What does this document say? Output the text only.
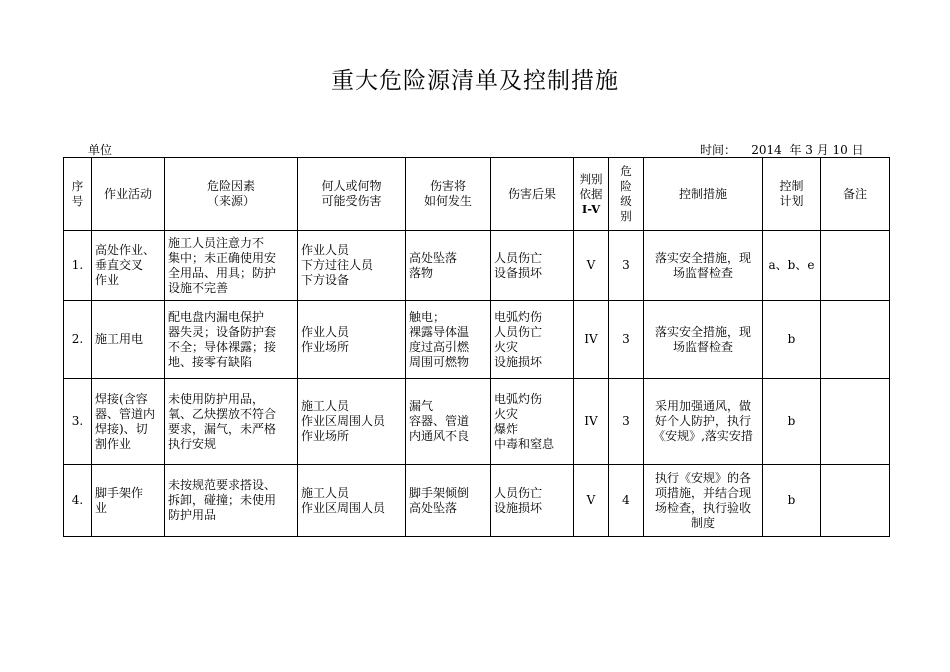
重大危险源清单及控制措施
单位	时间： 2014  年 3 月 10 日
序
号	作业活动	危险因素
（来源）	何人或何物
可能受伤害	伤害将
如何发生	伤害后果	判别
依据
I-V	危
险
级
别	控制措施	控制
计划	备注
1.	高处作业、
垂直交叉
作业	施工人员注意力不
集中；未正确使用安
全用品、用具；防护
设施不完善	作业人员
下方过往人员
下方设备	高处坠落
落物	人员伤亡
设备损坏	V	3	落实安全措施，现
场监督检查	a、b、e	
2.	施工用电	配电盘内漏电保护
器失灵；设备防护套
不全；导体裸露；接
地、接零有缺陷	作业人员
作业场所	触电；
裸露导体温
度过高引燃
周围可燃物	电弧灼伤
人员伤亡
火灾
设施损坏	IV	3	落实安全措施，现
场监督检查	b	
3.	焊接(含容
器、管道内
焊接)、切
割作业	未使用防护用品，
氧、乙炔摆放不符合
要求，漏气，未严格
执行安规	施工人员
作业区周围人员
作业场所	漏气
容器、管道
内通风不良	电弧灼伤
火灾
爆炸
中毒和窒息	IV	3	采用加强通风，做
好个人防护，执行
《安规》,落实安措	b	
4.	脚手架作
业	未按规范要求搭设、
拆卸，碰撞；未使用
防护用品	施工人员
作业区周围人员	脚手架倾倒
高处坠落	人员伤亡
设施损坏	V	4	执行《安规》的各
项措施，并结合现
场检查，执行验收
制度	b	
